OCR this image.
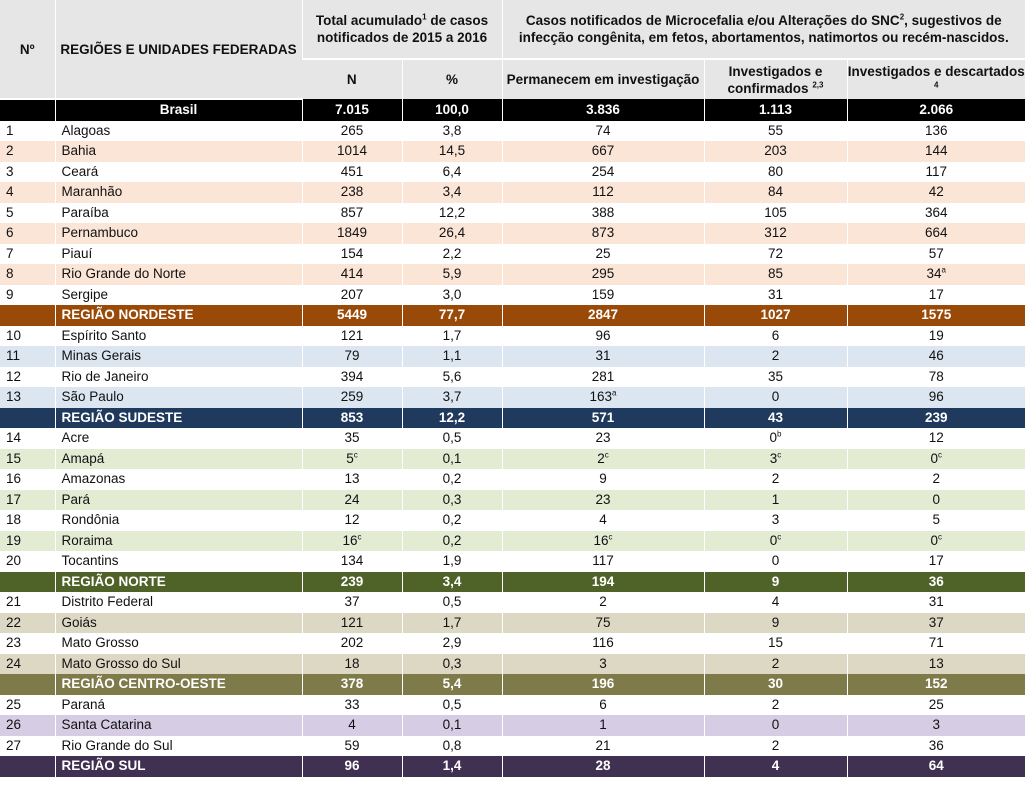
Nº	REGIÕES E UNIDADES FEDERADAS	Total acumulado$^1$ de casos notificados de 2015 a 2016		Casos notificados de Microcefalia e/ou Alterações do SNC$^2$, sugestivos de infecção congênita, em fetos, abortamentos, natimortos ou recém-nascidos.		
		N	%	Permanecem em investigação	Investigados e confirmados $^{2,3}$	Investigados e descartados $^4$
	Brasil	7.015	100,0	3.836	1.113	2.066
1	Alagoas	265	3,8	74	55	136
2	Bahia	1014	14,5	667	203	144
3	Ceará	451	6,4	254	80	117
4	Maranhão	238	3,4	112	84	42
5	Paraíba	857	12,2	388	105	364
6	Pernambuco	1849	26,4	873	312	664
7	Piauí	154	2,2	25	72	57
8	Rio Grande do Norte	414	5,9	295	85	34$^a$
9	Sergipe	207	3,0	159	31	17
	REGIÃO NORDESTE	5449	77,7	2847	1027	1575
10	Espírito Santo	121	1,7	96	6	19
11	Minas Gerais	79	1,1	31	2	46
12	Rio de Janeiro	394	5,6	281	35	78
13	São Paulo	259	3,7	163$^a$	0	96
	REGIÃO SUDESTE	853	12,2	571	43	239
14	Acre	35	0,5	23	0$^b$	12
15	Amapá	5$^c$	0,1	2$^c$	3$^c$	0$^c$
16	Amazonas	13	0,2	9	2	2
17	Pará	24	0,3	23	1	0
18	Rondônia	12	0,2	4	3	5
19	Roraima	16$^c$	0,2	16$^c$	0$^c$	0$^c$
20	Tocantins	134	1,9	117	0	17
	REGIÃO NORTE	239	3,4	194	9	36
21	Distrito Federal	37	0,5	2	4	31
22	Goiás	121	1,7	75	9	37
23	Mato Grosso	202	2,9	116	15	71
24	Mato Grosso do Sul	18	0,3	3	2	13
	REGIÃO CENTRO-OESTE	378	5,4	196	30	152
25	Paraná	33	0,5	6	2	25
26	Santa Catarina	4	0,1	1	0	3
27	Rio Grande do Sul	59	0,8	21	2	36
	REGIÃO SUL	96	1,4	28	4	64
